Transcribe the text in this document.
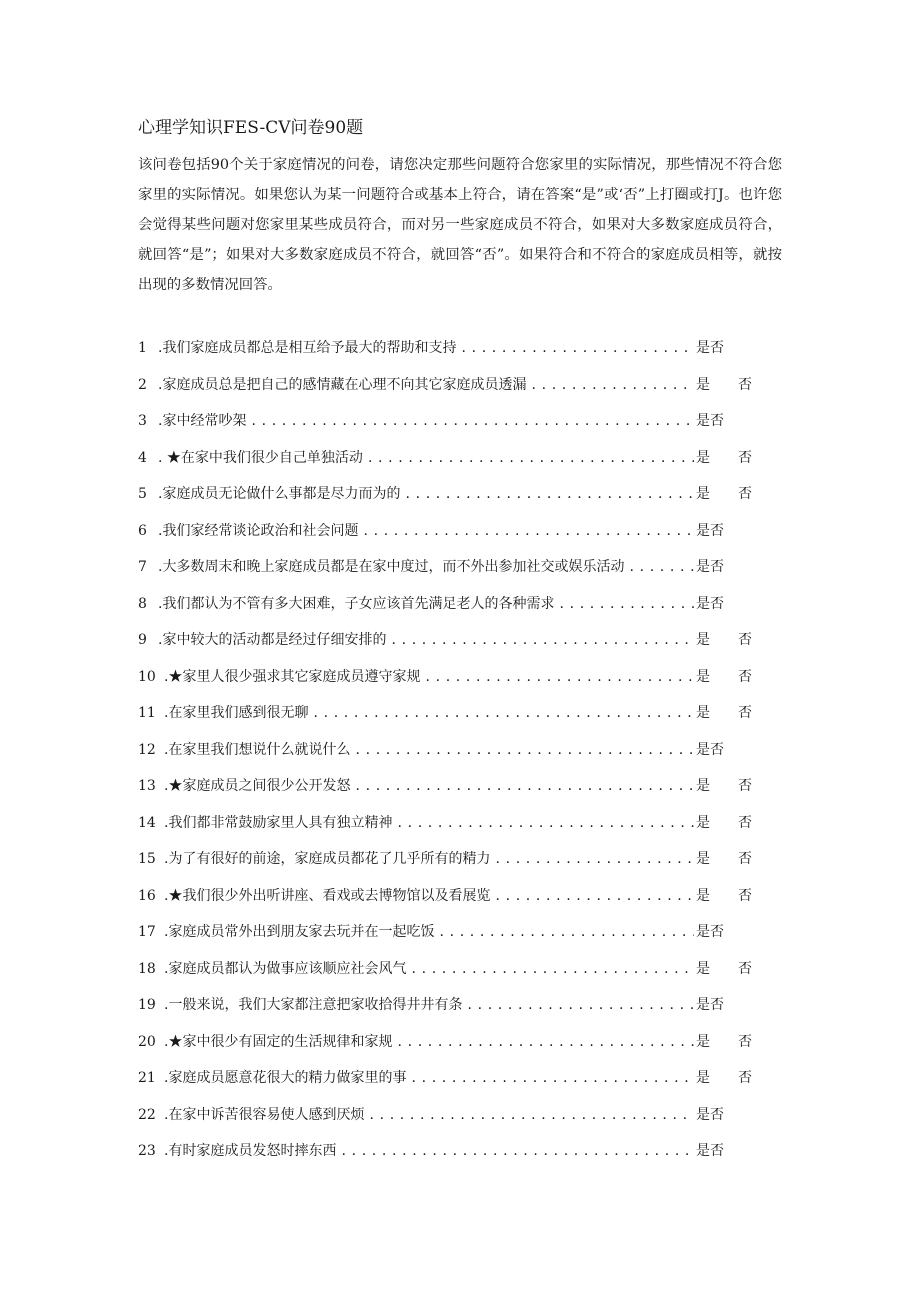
心理学知识FES-CV问卷90题

该问卷包括90个关于家庭情况的问卷，请您决定那些问题符合您家里的实际情况，那些情况不符合您家里的实际情况。如果您认为某一问题符合或基本上符合，请在答案“是”或‘否”上打圈或打J。也许您会觉得某些问题对您家里某些成员符合，而对另一些家庭成员不符合，如果对大多数家庭成员符合，就回答“是”；如果对大多数家庭成员不符合，就回答“否”。如果符合和不符合的家庭成员相等，就按出现的多数情况回答。

1 .我们家庭成员都总是相互给予最大的帮助和支持 . . .	是 否
2 .家庭成员总是把自己的感情藏在心理不向其它家庭成员透漏 . . .	是 否
3 .家中经常吵架 . . .	是 否
4 . ★在家中我们很少自己单独活动 . . .	是 否
5 .家庭成员无论做什么事都是尽力而为的 . . .	是 否
6 .我们家经常谈论政治和社会问题 . . .	是 否
7 .大多数周末和晚上家庭成员都是在家中度过，而不外出参加社交或娱乐活动 . . .	是 否
8 .我们都认为不管有多大困难，子女应该首先满足老人的各种需求 . . .	是 否
9 .家中较大的活动都是经过仔细安排的 . . .	是 否
10 .★家里人很少强求其它家庭成员遵守家规 . . .	是 否
11 .在家里我们感到很无聊 . . .	是 否
12 .在家里我们想说什么就说什么 . . .	是 否
13 .★家庭成员之间很少公开发怒 . . .	是 否
14 .我们都非常鼓励家里人具有独立精神 . . .	是 否
15 .为了有很好的前途，家庭成员都花了几乎所有的精力 . . .	是 否
16 .★我们很少外出听讲座、看戏或去博物馆以及看展览 . . .	是 否
17 .家庭成员常外出到朋友家去玩并在一起吃饭 . . .	是 否
18 .家庭成员都认为做事应该顺应社会风气 . . .	是 否
19 .一般来说，我们大家都注意把家收拾得井井有条 . . .	是 否
20 .★家中很少有固定的生活规律和家规 . . .	是 否
21 .家庭成员愿意花很大的精力做家里的事 . . .	是 否
22 .在家中诉苦很容易使人感到厌烦 . . .	是 否
23 .有时家庭成员发怒时摔东西 . . .	是 否
